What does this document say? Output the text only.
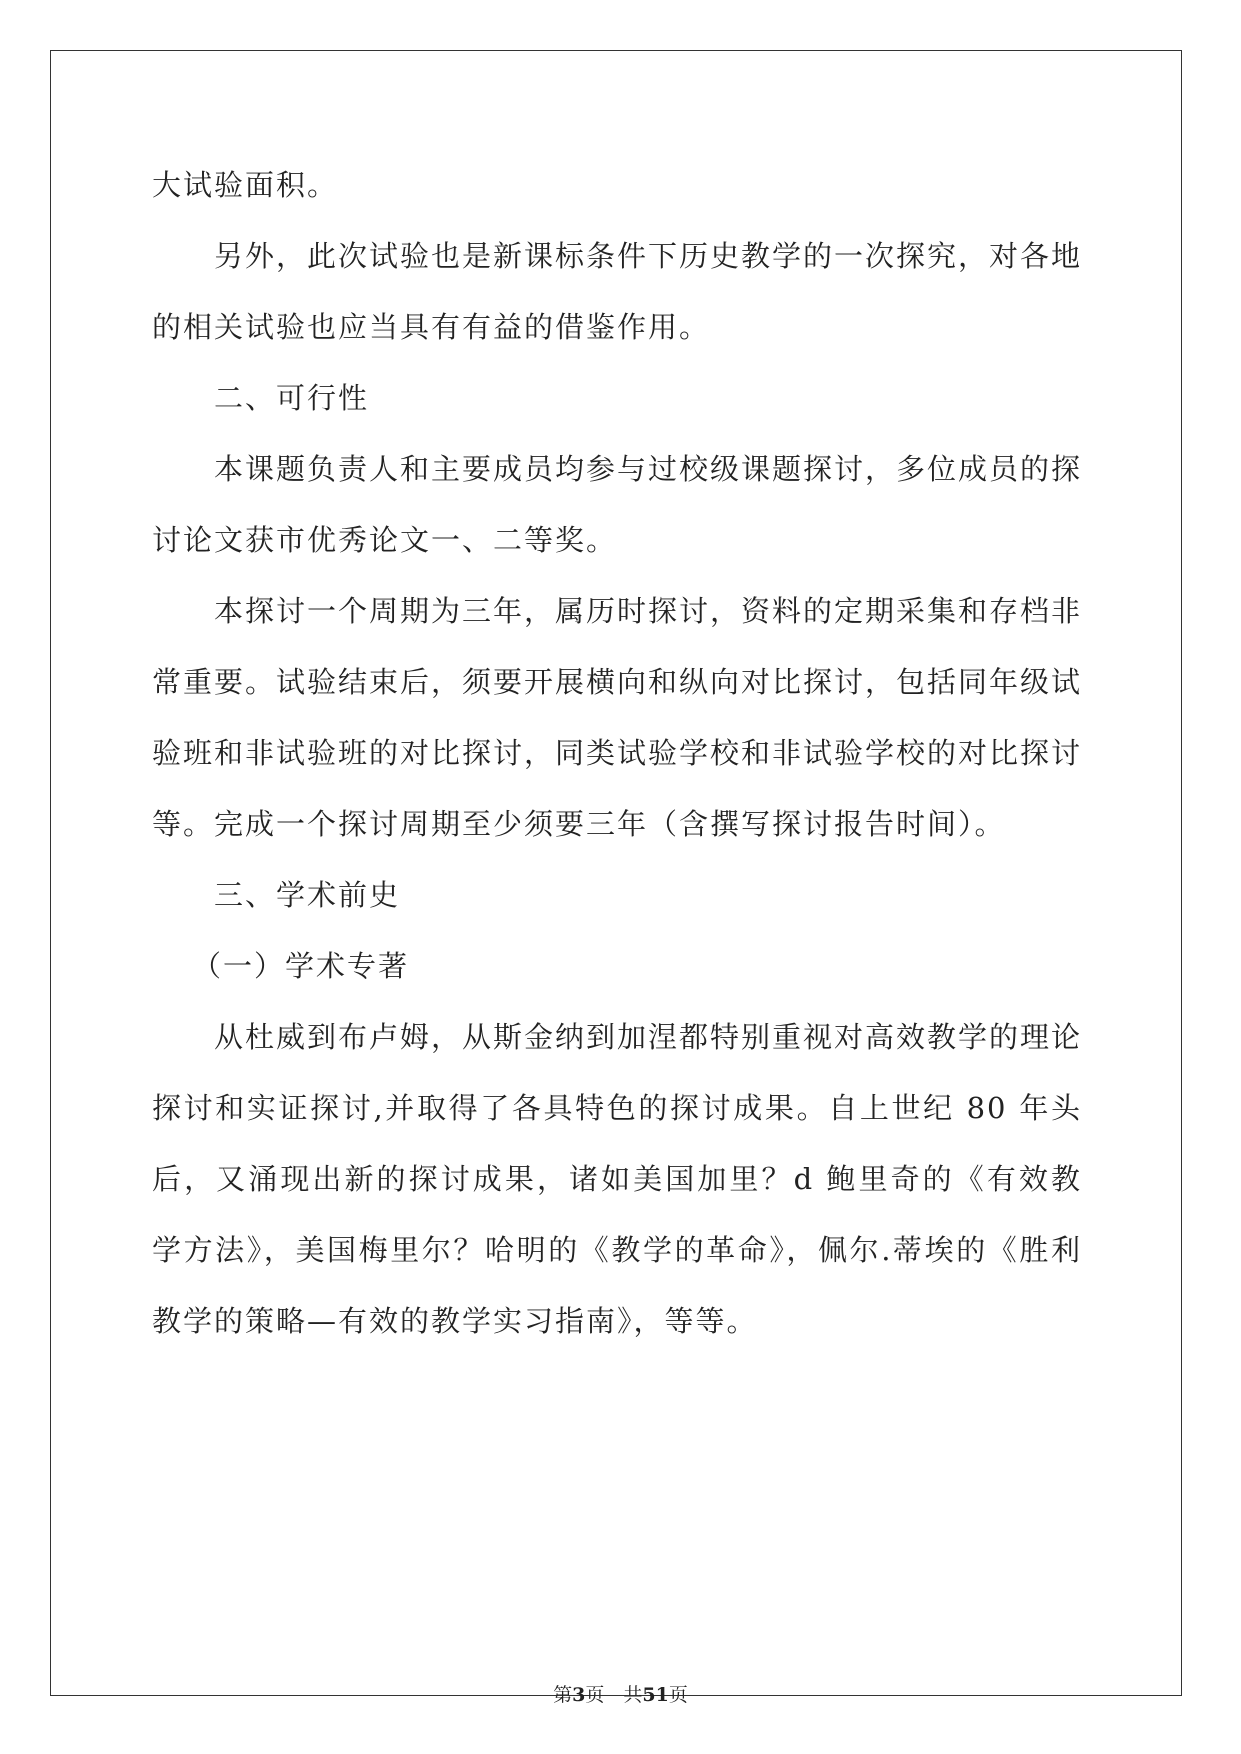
大试验面积。

另外，此次试验也是新课标条件下历史教学的一次探究，对各地的相关试验也应当具有有益的借鉴作用。

二、可行性

本课题负责人和主要成员均参与过校级课题探讨，多位成员的探讨论文获市优秀论文一、二等奖。

本探讨一个周期为三年，属历时探讨，资料的定期采集和存档非常重要。试验结束后，须要开展横向和纵向对比探讨，包括同年级试验班和非试验班的对比探讨，同类试验学校和非试验学校的对比探讨等。完成一个探讨周期至少须要三年（含撰写探讨报告时间）。

三、学术前史

（一）学术专著

从杜威到布卢姆，从斯金纳到加涅都特别重视对高效教学的理论探讨和实证探讨,并取得了各具特色的探讨成果。自上世纪 80 年头后，又涌现出新的探讨成果，诸如美国加里？d 鲍里奇的《有效教学方法》，美国梅里尔？哈明的《教学的革命》，佩尔.蒂埃的《胜利教学的策略—有效的教学实习指南》，等等。

第3页　共51页
